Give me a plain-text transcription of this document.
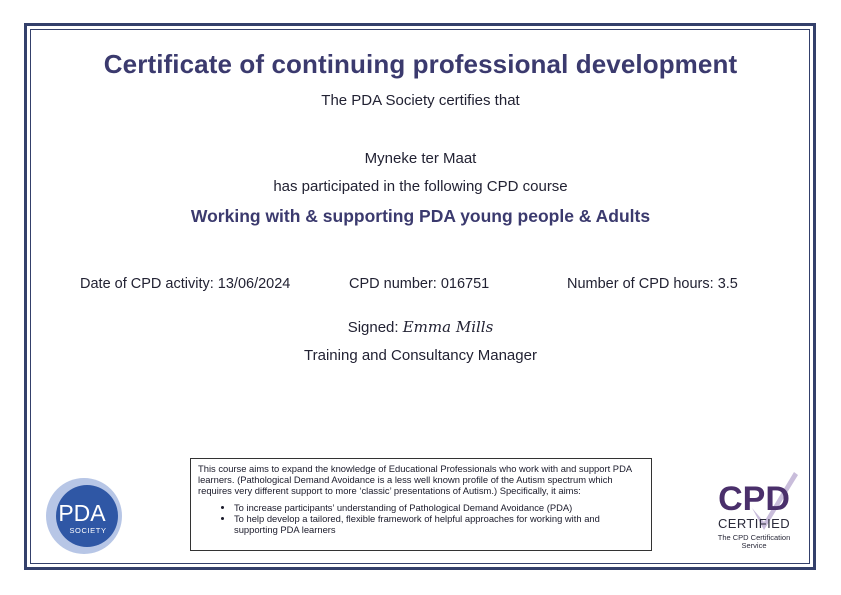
Certificate of continuing professional development
The PDA Society certifies that
Myneke ter Maat
has participated in the following CPD course
Working with & supporting PDA young people & Adults
Date of CPD activity: 13/06/2024	CPD number: 016751	Number of CPD hours: 3.5
Signed: Emma Mills
Training and Consultancy Manager
This course aims to expand the knowledge of Educational Professionals who work with and support PDA learners. (Pathological Demand Avoidance is a less well known profile of the Autism spectrum which requires very different support to more ‘classic’ presentations of Autism.) Specifically, it aims:
• To increase participants’ understanding of Pathological Demand Avoidance (PDA)
• To help develop a tailored, flexible framework of helpful approaches for working with and supporting PDA learners
PDA
SOCIETY
CPD
CERTIFIED
The CPD Certification
Service
